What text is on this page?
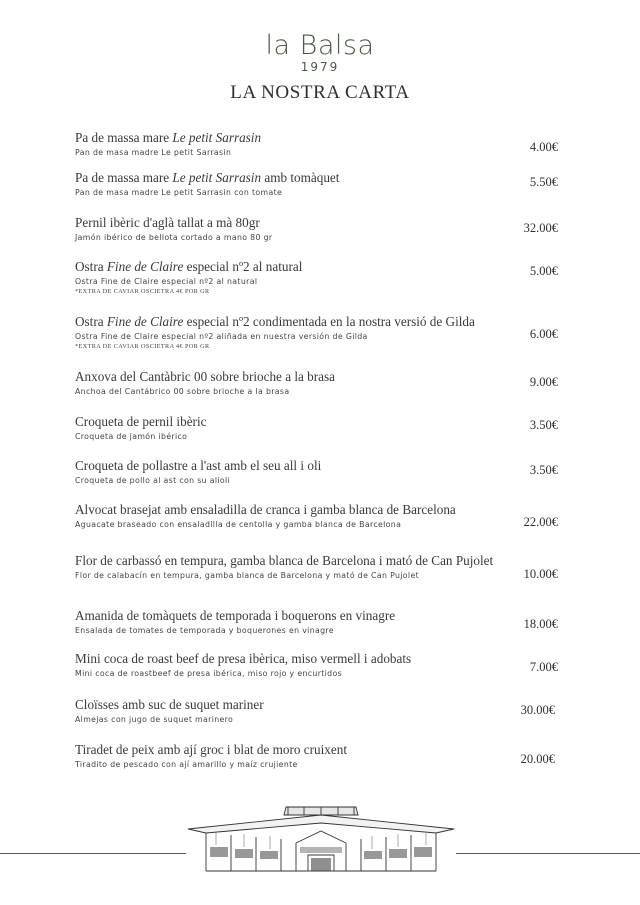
la Balsa
1979
LA NOSTRA CARTA
Pa de massa mare Le petit Sarrasin
Pan de masa madre Le petit Sarrasin	4.00€
Pa de massa mare Le petit Sarrasin amb tomàquet
Pan de masa madre Le petit Sarrasin con tomate
5.50€
Pernil ibèric d'aglà tallat a mà 80gr
Jamón ibérico de bellota cortado a mano 80 gr
32.00€
Ostra Fine de Claire especial nº2 al natural
Ostra Fine de Claire especial nº2 al natural
*EXTRA DE CAVIAR OSCIETRA 4€ POR GR
5.00€
Ostra Fine de Claire especial nº2 condimentada en la nostra versió de Gilda
Ostra Fine de Claire especial nº2 aliñada en nuestra versión de Gilda
*EXTRA DE CAVIAR OSCIETRA 4€ POR GR
6.00€
Anxova del Cantàbric 00 sobre brioche a la brasa
Anchoa del Cantábrico 00 sobre brioche a la brasa
9.00€
Croqueta de pernil ibèric
Croqueta de jamón ibérico
3.50€
Croqueta de pollastre a l'ast amb el seu all i oli
Croqueta de pollo al ast con su alioli
3.50€
Alvocat brasejat amb ensaladilla de cranca i gamba blanca de Barcelona
Aguacate braseado con ensaladilla de centolla y gamba blanca de Barcelona	22.00€
Flor de carbassó en tempura, gamba blanca de Barcelona i mató de Can Pujolet
Flor de calabacín en tempura, gamba blanca de Barcelona y mató de Can Pujolet	10.00€
Amanida de tomàquets de temporada i boquerons en vinagre
Ensalada de tomates de temporada y boquerones en vinagre	18.00€
Mini coca de roast beef de presa ibèrica, miso vermell i adobats
Mini coca de roastbeef de presa ibérica, miso rojo y encurtidos	7.00€
Cloïsses amb suc de suquet mariner
Almejas con jugo de suquet marinero
30.00€
Tiradet de peix amb ají groc i blat de moro cruixent
Tiradito de pescado con ají amarillo y maíz crujiente	20.00€
